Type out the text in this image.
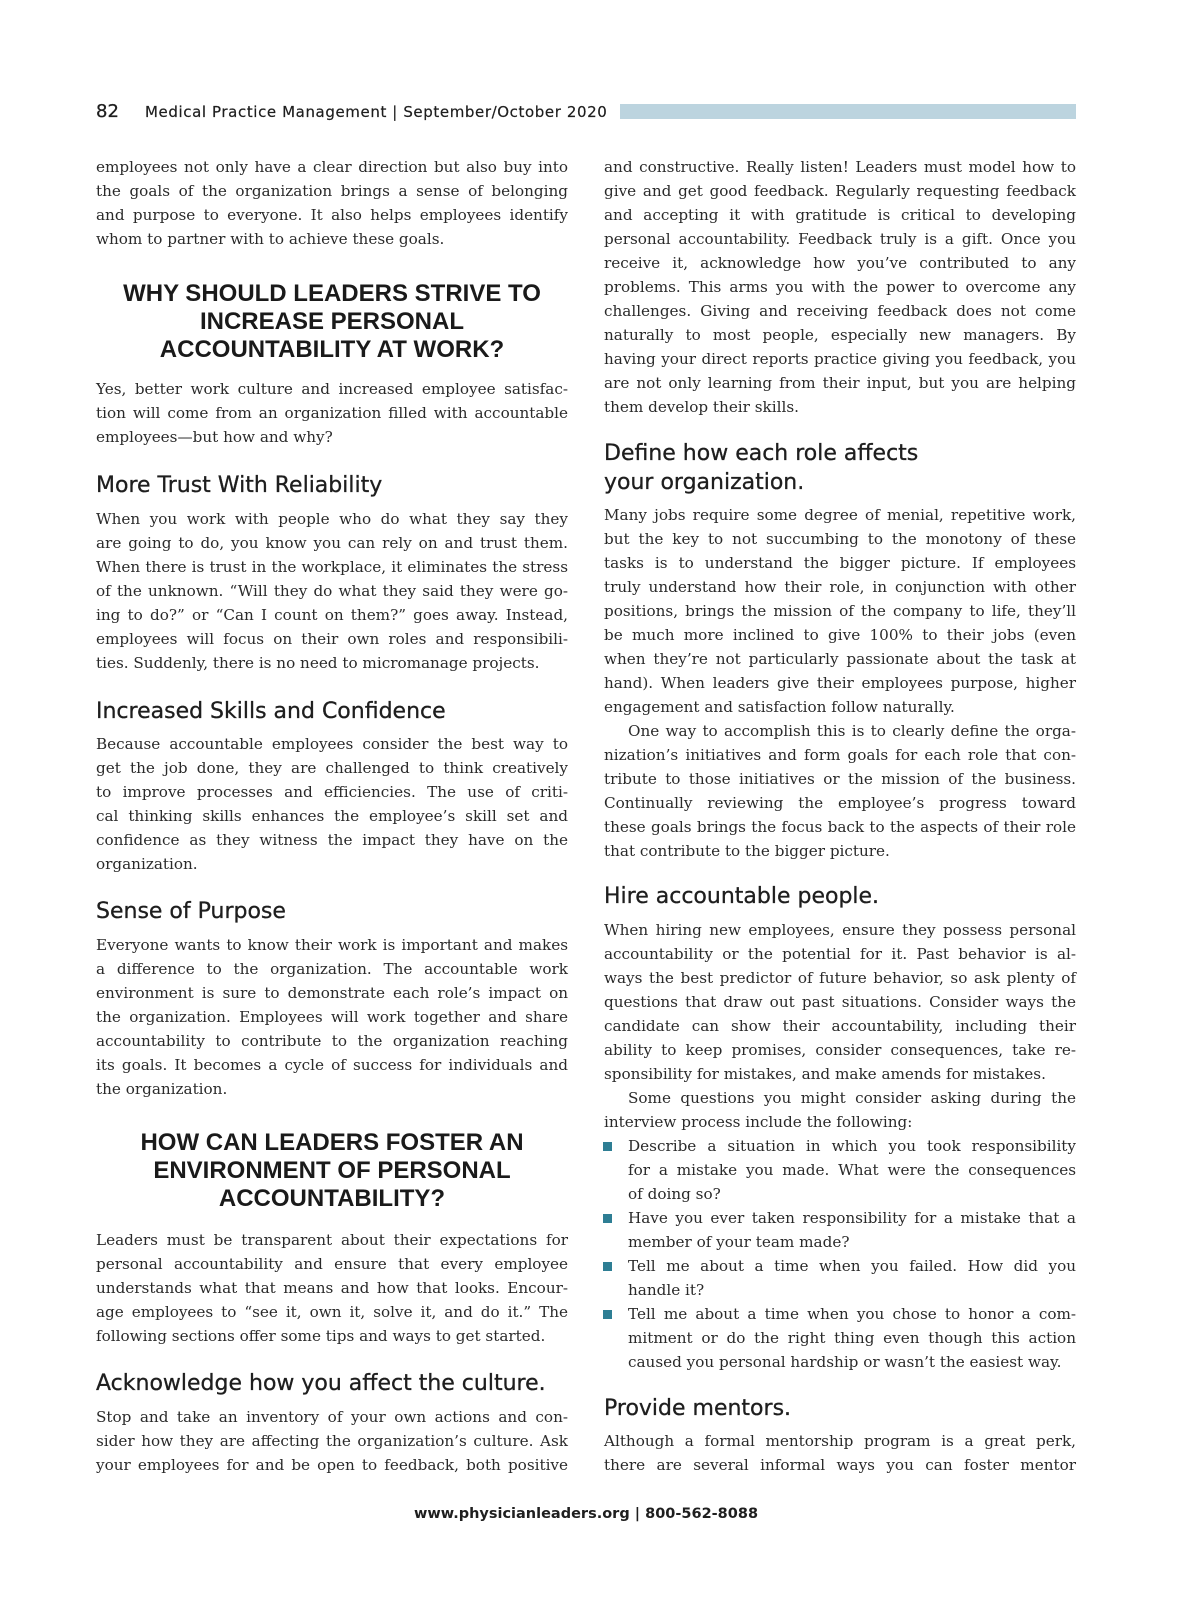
82 Medical Practice Management | September/October 2020
employees not only have a clear direction but also buy into
the goals of the organization brings a sense of belonging
and purpose to everyone. It also helps employees identify
whom to partner with to achieve these goals.
WHY SHOULD LEADERS STRIVE TO
INCREASE PERSONAL
ACCOUNTABILITY AT WORK?
Yes, better work culture and increased employee satisfac-
tion will come from an organization filled with accountable
employees—but how and why?
More Trust With Reliability
When you work with people who do what they say they
are going to do, you know you can rely on and trust them.
When there is trust in the workplace, it eliminates the stress
of the unknown. “Will they do what they said they were go-
ing to do?” or “Can I count on them?” goes away. Instead,
employees will focus on their own roles and responsibili-
ties. Suddenly, there is no need to micromanage projects.
Increased Skills and Confidence
Because accountable employees consider the best way to
get the job done, they are challenged to think creatively
to improve processes and efficiencies. The use of criti-
cal thinking skills enhances the employee’s skill set and
confidence as they witness the impact they have on the
organization.
Sense of Purpose
Everyone wants to know their work is important and makes
a difference to the organization. The accountable work
environment is sure to demonstrate each role’s impact on
the organization. Employees will work together and share
accountability to contribute to the organization reaching
its goals. It becomes a cycle of success for individuals and
the organization.
HOW CAN LEADERS FOSTER AN
ENVIRONMENT OF PERSONAL
ACCOUNTABILITY?
Leaders must be transparent about their expectations for
personal accountability and ensure that every employee
understands what that means and how that looks. Encour-
age employees to “see it, own it, solve it, and do it.” The
following sections offer some tips and ways to get started.
Acknowledge how you affect the culture.
Stop and take an inventory of your own actions and con-
sider how they are affecting the organization’s culture. Ask
your employees for and be open to feedback, both positive
and constructive. Really listen! Leaders must model how to
give and get good feedback. Regularly requesting feedback
and accepting it with gratitude is critical to developing
personal accountability. Feedback truly is a gift. Once you
receive it, acknowledge how you’ve contributed to any
problems. This arms you with the power to overcome any
challenges. Giving and receiving feedback does not come
naturally to most people, especially new managers. By
having your direct reports practice giving you feedback, you
are not only learning from their input, but you are helping
them develop their skills.
Define how each role affects
your organization.
Many jobs require some degree of menial, repetitive work,
but the key to not succumbing to the monotony of these
tasks is to understand the bigger picture. If employees
truly understand how their role, in conjunction with other
positions, brings the mission of the company to life, they’ll
be much more inclined to give 100% to their jobs (even
when they’re not particularly passionate about the task at
hand). When leaders give their employees purpose, higher
engagement and satisfaction follow naturally.
One way to accomplish this is to clearly define the orga-
nization’s initiatives and form goals for each role that con-
tribute to those initiatives or the mission of the business.
Continually reviewing the employee’s progress toward
these goals brings the focus back to the aspects of their role
that contribute to the bigger picture.
Hire accountable people.
When hiring new employees, ensure they possess personal
accountability or the potential for it. Past behavior is al-
ways the best predictor of future behavior, so ask plenty of
questions that draw out past situations. Consider ways the
candidate can show their accountability, including their
ability to keep promises, consider consequences, take re-
sponsibility for mistakes, and make amends for mistakes.
Some questions you might consider asking during the
interview process include the following:
Describe a situation in which you took responsibility
for a mistake you made. What were the consequences
of doing so?
Have you ever taken responsibility for a mistake that a
member of your team made?
Tell me about a time when you failed. How did you
handle it?
Tell me about a time when you chose to honor a com-
mitment or do the right thing even though this action
caused you personal hardship or wasn’t the easiest way.
Provide mentors.
Although a formal mentorship program is a great perk,
there are several informal ways you can foster mentor
www.physicianleaders.org | 800-562-8088
